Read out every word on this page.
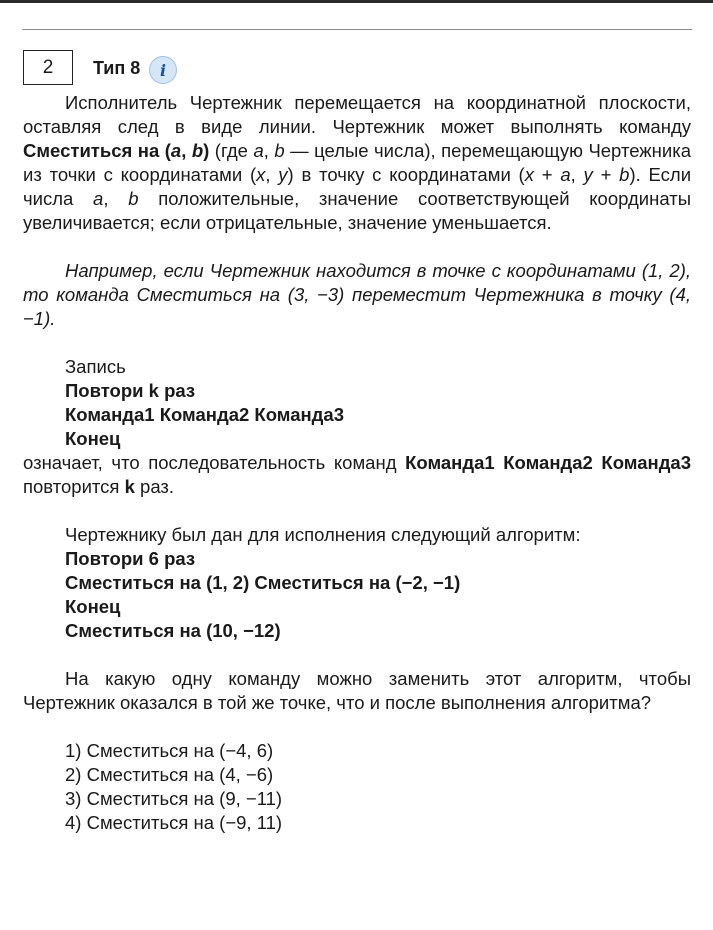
2	Тип 8	i
Исполнитель Чертежник перемещается на координатной плоскости, оставляя след в виде линии. Чертежник может выполнять команду Сместиться на (a, b) (где a, b — целые числа), перемещающую Чертежника из точки с координатами (x, y) в точку с координатами (x + a, y + b). Если числа a, b положительные, значение соответствующей координаты увеличивается; если отрицательные, значение уменьшается.
Например, если Чертежник находится в точке с координатами (1, 2), то команда Сместиться на (3, −3) переместит Чертежника в точку (4, −1).
Запись
Повтори k раз
Команда1 Команда2 Команда3
Конец
означает, что последовательность команд Команда1 Команда2 Команда3 повторится k раз.
Чертежнику был дан для исполнения следующий алгоритм:
Повтори 6 раз
Сместиться на (1, 2) Сместиться на (−2, −1)
Конец
Сместиться на (10, −12)
На какую одну команду можно заменить этот алгоритм, чтобы Чертежник оказался в той же точке, что и после выполнения алгоритма?
1) Сместиться на (−4, 6)
2) Сместиться на (4, −6)
3) Сместиться на (9, −11)
4) Сместиться на (−9, 11)
